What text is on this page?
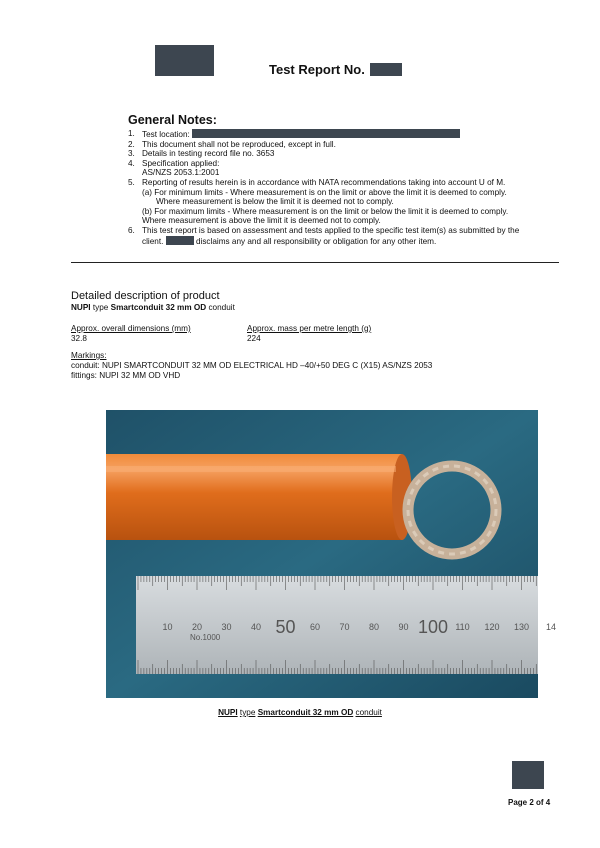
Test Report No.
General Notes:
1. Test location:
2. This document shall not be reproduced, except in full.
3. Details in testing record file no. 3653
4. Specification applied:
AS/NZS 2053.1:2001
5. Reporting of results herein is in accordance with NATA recommendations taking into account U of M.
(a) For minimum limits - Where measurement is on the limit or above the limit it is deemed to comply.
Where measurement is below the limit it is deemed not to comply.
(b) For maximum limits - Where measurement is on the limit or below the limit it is deemed to comply.
Where measurement is above the limit it is deemed not to comply.
6. This test report is based on assessment and tests applied to the specific test item(s) as submitted by the
client.	disclaims any and all responsibility or obligation for any other item.
Detailed description of product
NUPI type Smartconduit 32 mm OD conduit
Approx. overall dimensions (mm)
32.8
Approx. mass per metre length (g)
224
Markings:
conduit: NUPI SMARTCONDUIT 32 MM OD ELECTRICAL HD –40/+50 DEG C (X15) AS/NZS 2053
fittings: NUPI 32 MM OD VHD
10 20 30 40 50 60 70 80 90 100 110 120 130 14
No.1000
NUPI type Smartconduit 32 mm OD conduit
Page 2 of 4
